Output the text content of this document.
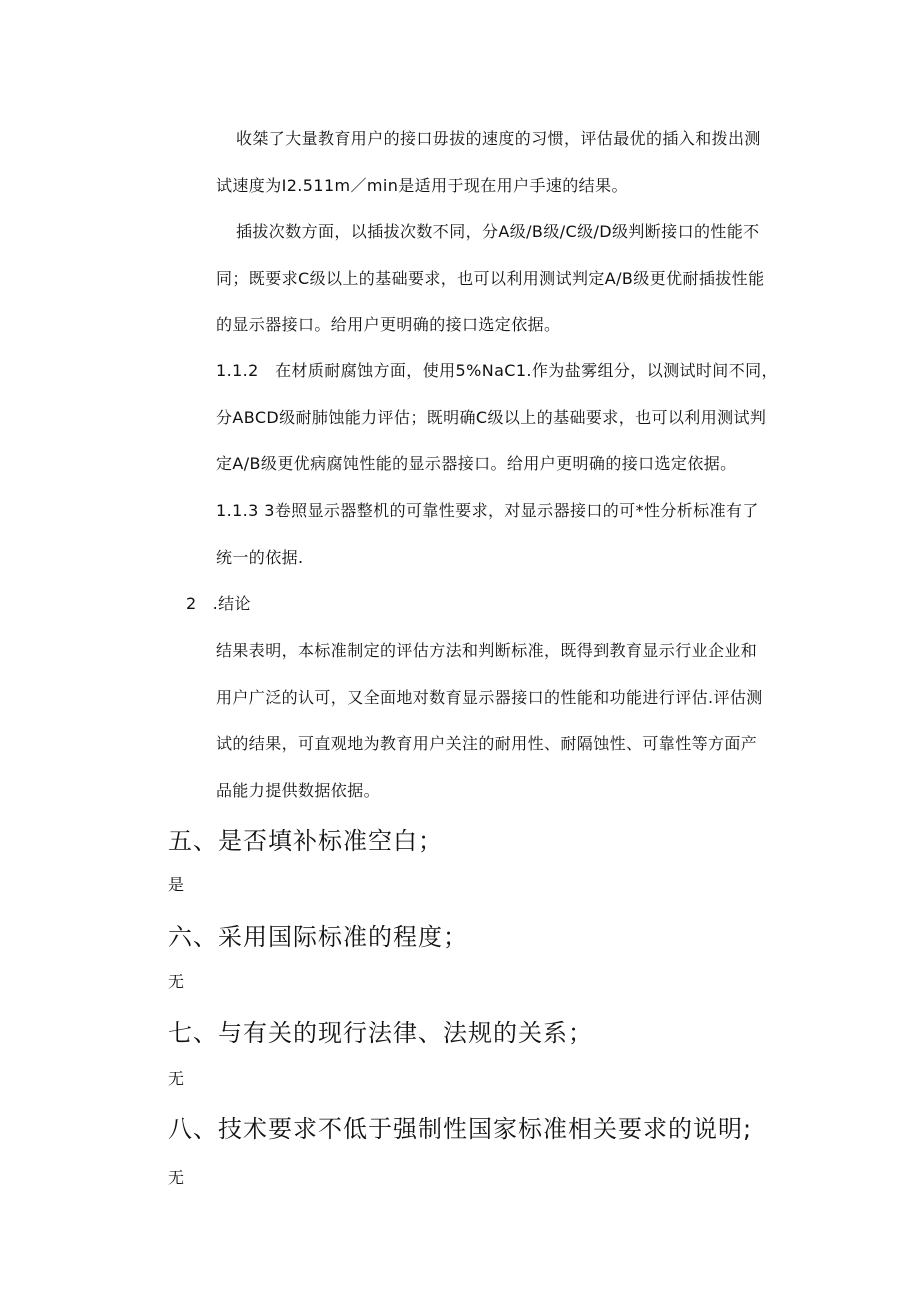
收桀了大量教育用户的接口毋拔的速度的习惯，评估最优的插入和拨出测
试速度为I2.511m／min是适用于现在用户手速的结果。
插拔次数方面，以插拔次数不同，分A级/B级/C级/D级判断接口的性能不
同；既要求C级以上的基础要求，也可以利用测试判定A/B级更优耐插拔性能
的显示器接口。给用户更明确的接口选定依据。
1.1.2　在材质耐腐蚀方面，使用5%NaC1.作为盐雾组分，以测试时间不同，
分ABCD级耐肺蚀能力评估；既明确C级以上的基础要求，也可以利用测试判
定A/B级更优病腐饨性能的显示器接口。给用户更明确的接口选定依据。
1.1.3 3卷照显示器整机的可靠性要求，对显示器接口的可*性分析标准有了
统一的依据.
2 .结论
结果表明，本标准制定的评估方法和判断标准，既得到教育显示行业企业和
用户广泛的认可，又全面地对数育显示器接口的性能和功能进行评估.评估测
试的结果，可直观地为教育用户关注的耐用性、耐隔蚀性、可靠性等方面产
品能力提供数据依据。
五、是否填补标准空白；
是
六、采用国际标准的程度；
无
七、与有关的现行法律、法规的关系；
无
八、技术要求不低于强制性国家标准相关要求的说明;
无
